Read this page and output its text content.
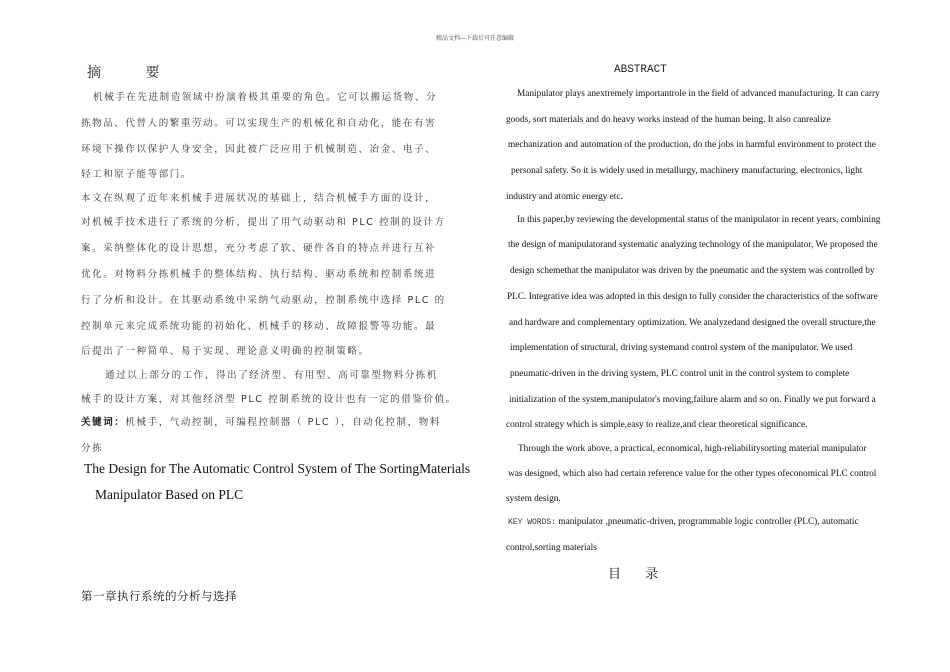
精品文档---下载后可任意编辑
摘 要
机械手在先进制造领域中扮演着极其重要的角色。它可以搬运货物、分
拣物品、代替人的繁重劳动。可以实现生产的机械化和自动化，能在有害
环境下操作以保护人身安全，因此被广泛应用于机械制造、冶金、电子、
轻工和原子能等部门。
本文在纵观了近年来机械手进展状况的基础上，结合机械手方面的设计，
对机械手技术进行了系统的分析，提出了用气动驱动和 PLC 控制的设计方
案。采纳整体化的设计思想，充分考虑了软、硬件各自的特点并进行互补
优化。对物料分拣机械手的整体结构、执行结构、驱动系统和控制系统进
行了分析和设计。在其驱动系统中采纳气动驱动，控制系统中选择 PLC 的
控制单元来完成系统功能的初始化、机械手的移动、故障报警等功能。最
后提出了一种简单、易于实现、理论意义明确的控制策略。
通过以上部分的工作，得出了经济型、有用型、高可靠型物料分拣机
械手的设计方案，对其他经济型 PLC 控制系统的设计也有一定的借鉴价值。
关键词：机械手，气动控制，可编程控制器（ PLC ），自动化控制，物料
分拣
The Design for The Automatic Control System of The SortingMaterials
Manipulator Based on PLC
ABSTRACT
Manipulator plays anextremely importantrole in the field of advanced manufacturing. It can carry
goods, sort materials and do heavy works instead of the human being. It also canrealize
mechanization and automation of the production, do the jobs in harmful environment to protect the
personal safety. So it is widely used in metallurgy, machinery manufacturing, electronics, light
industry and atomic energy etc.
In this paper,by reviewing the developmental status of the manipulator in recent years, combining
the design of manipulatorand systematic analyzing technology of the manipulator, We proposed the
design schemethat the manipulator was driven by the pneumatic and the system was controlled by
PLC. Integrative idea was adopted in this design to fully consider the characteristics of the software
and hardware and complementary optimization. We analyzedand designed the overall structure,the
implementation of structural, driving systemand control system of the manipulator. We used
pneumatic-driven in the driving system, PLC control unit in the control system to complete
initialization of the system,manipulator's moving,failure alarm and so on. Finally we put forward a
control strategy which is simple,easy to realize,and clear theoretical significance.
Through the work above, a practical, economical, high-reliabilitysorting material manipulator
was designed, which also had certain reference value for the other types ofeconomical PLC control
system design.
KEY WORDS: manipulator ,pneumatic-driven, programmable logic controller (PLC), automatic
control,sorting materials
目 录
第一章执行系统的分析与选择
